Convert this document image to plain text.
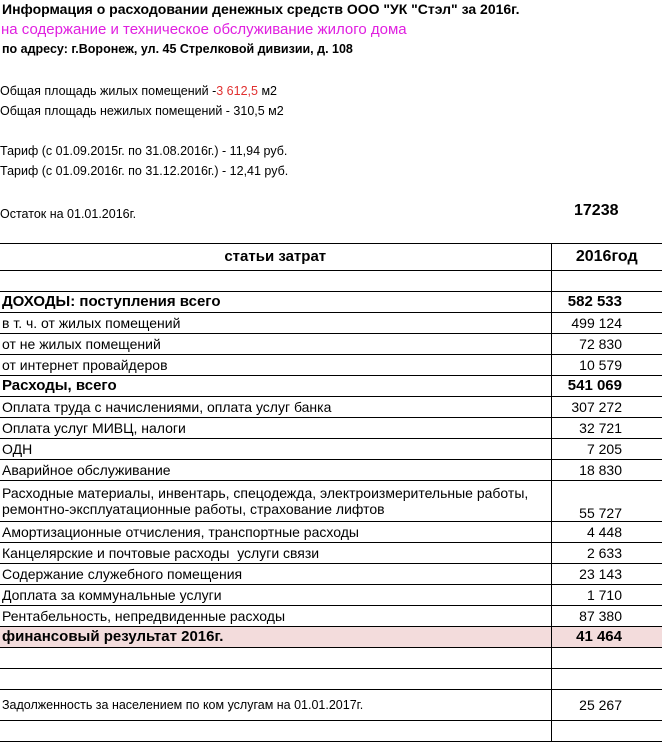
Информация о расходовании денежных средств ООО "УК "Стэл" за 2016г.
на содержание и техническое обслуживание жилого дома
по адресу: г.Воронеж, ул. 45 Стрелковой дивизии, д. 108
Общая площадь жилых помещений -3 612,5 м2
Общая площадь нежилых помещений - 310,5 м2
Тариф (с 01.09.2015г. по 31.08.2016г.) - 11,94 руб.
Тариф (с 01.09.2016г. по 31.12.2016г.) - 12,41 руб.
Остаток на 01.01.2016г.	17238
статьи затрат	2016год

ДОХОДЫ: поступления всего	582 533
в т. ч. от жилых помещений	499 124
от не жилых помещений	72 830
от интернет провайдеров	10 579
Расходы, всего	541 069
Оплата труда с начислениями, оплата услуг банка	307 272
Оплата услуг МИВЦ, налоги	32 721
ОДН	7 205
Аварийное обслуживание	18 830
Расходные материалы, инвентарь, спецодежда, электроизмерительные работы, ремонтно-эксплуатационные работы, страхование лифтов	55 727
Амортизационные отчисления, транспортные расходы	4 448
Канцелярские и почтовые расходы  услуги связи	2 633
Содержание служебного помещения	23 143
Доплата за коммунальные услуги	1 710
Рентабельность, непредвиденные расходы	87 380
финансовый результат 2016г.	41 464

Задолженность за населением по ком услугам на 01.01.2017г.	25 267
